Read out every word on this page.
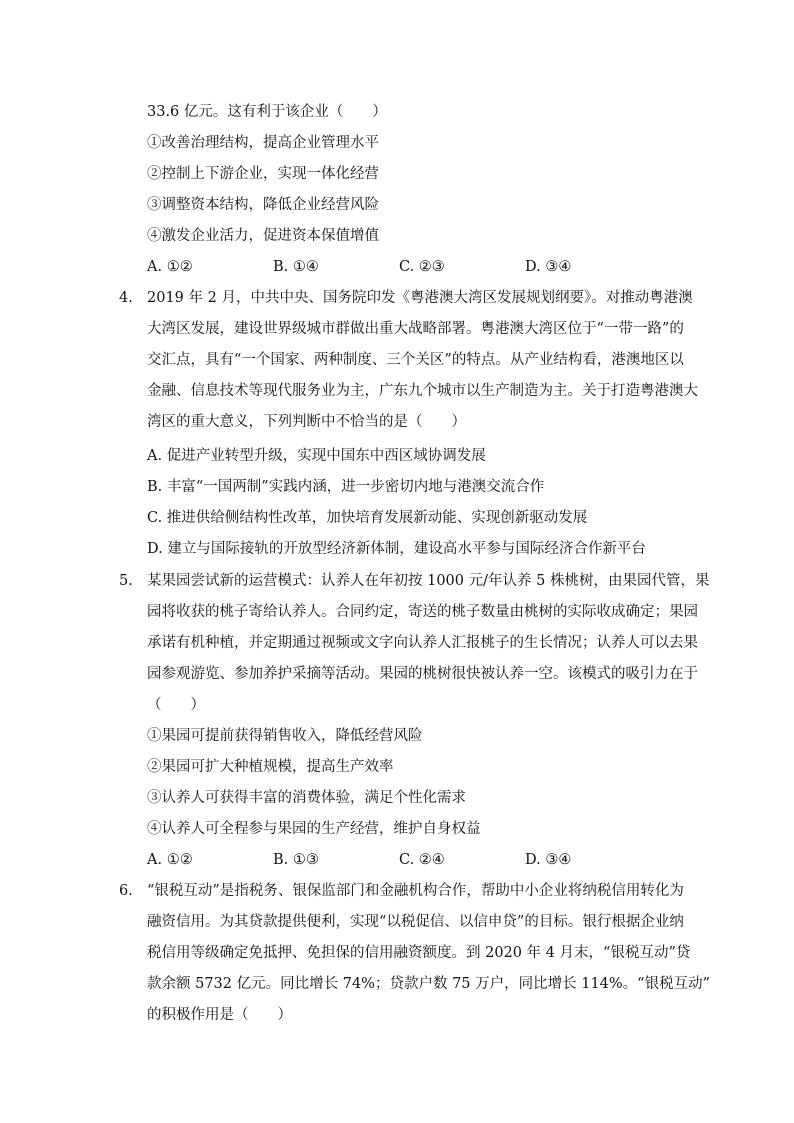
33.6 亿元。这有利于该企业（　　）
①改善治理结构，提高企业管理水平
②控制上下游企业，实现一体化经营
③调整资本结构，降低企业经营风险
④激发企业活力，促进资本保值增值
A. ①②	B. ①④	C. ②③	D. ③④
4. 2019 年 2 月，中共中央、国务院印发《粤港澳大湾区发展规划纲要》。对推动粤港澳
大湾区发展，建设世界级城市群做出重大战略部署。粤港澳大湾区位于“一带一路”的
交汇点，具有“一个国家、两种制度、三个关区”的特点。从产业结构看，港澳地区以
金融、信息技术等现代服务业为主，广东九个城市以生产制造为主。关于打造粤港澳大
湾区的重大意义，下列判断中不恰当的是（　　）
A. 促进产业转型升级，实现中国东中西区域协调发展
B. 丰富“一国两制”实践内涵，进一步密切内地与港澳交流合作
C. 推进供给侧结构性改革，加快培育发展新动能、实现创新驱动发展
D. 建立与国际接轨的开放型经济新体制，建设高水平参与国际经济合作新平台
5. 某果园尝试新的运营模式：认养人在年初按 1000 元/年认养 5 株桃树，由果园代管，果
园将收获的桃子寄给认养人。合同约定，寄送的桃子数量由桃树的实际收成确定；果园
承诺有机种植，并定期通过视频或文字向认养人汇报桃子的生长情况；认养人可以去果
园参观游览、参加养护采摘等活动。果园的桃树很快被认养一空。该模式的吸引力在于
（　　）
①果园可提前获得销售收入，降低经营风险
②果园可扩大种植规模，提高生产效率
③认养人可获得丰富的消费体验，满足个性化需求
④认养人可全程参与果园的生产经营，维护自身权益
A. ①②	B. ①③	C. ②④	D. ③④
6. “银税互动”是指税务、银保监部门和金融机构合作，帮助中小企业将纳税信用转化为
融资信用。为其贷款提供便利，实现“以税促信、以信申贷”的目标。银行根据企业纳
税信用等级确定免抵押、免担保的信用融资额度。到 2020 年 4 月末，“银税互动”贷
款余额 5732 亿元。同比增长 74%；贷款户数 75 万户，同比增长 114%。“银税互动”
的积极作用是（　　）
